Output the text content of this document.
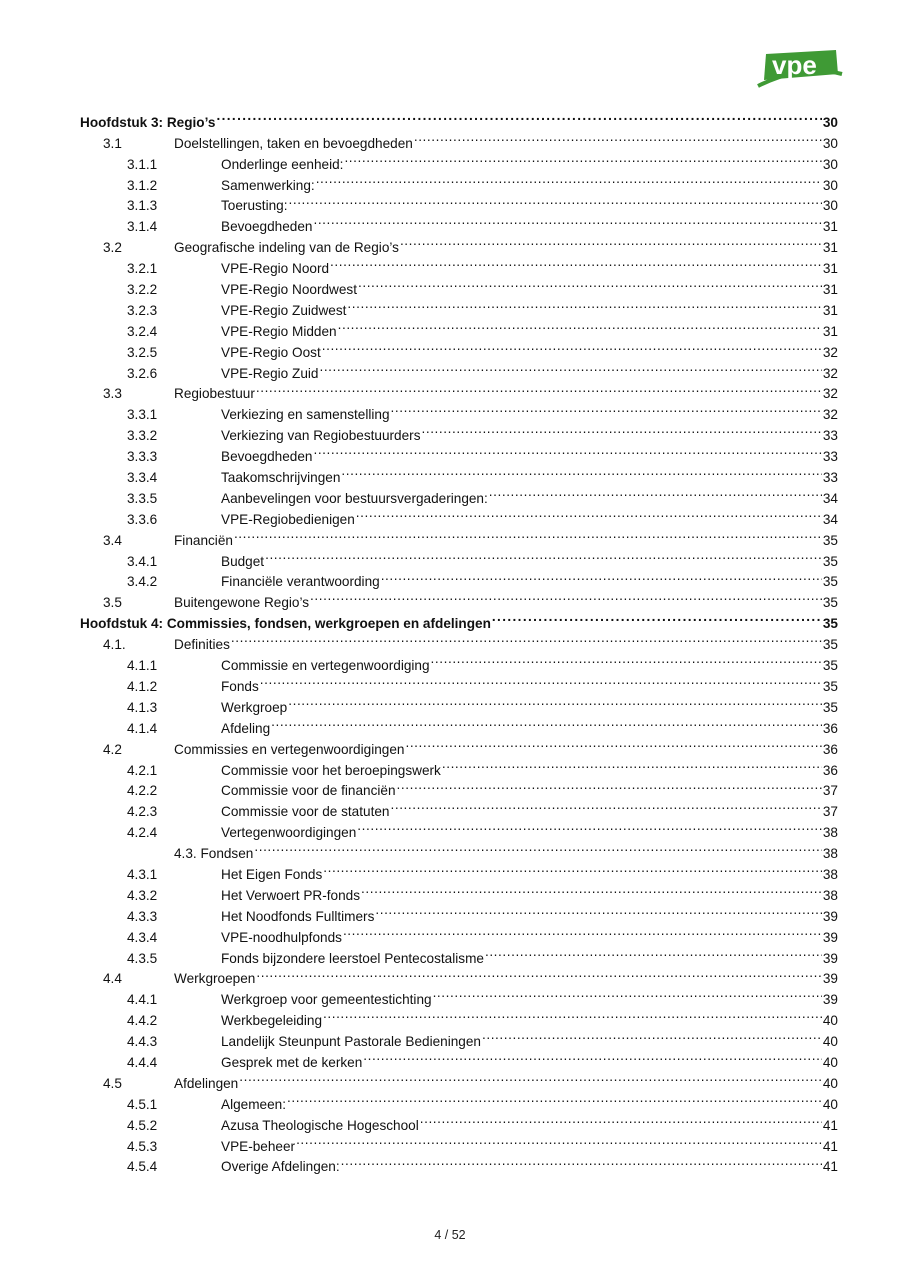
vpe
Hoofdstuk 3: Regio’s . . .	30
3.1	Doelstellingen, taken en bevoegdheden . . .	30
3.1.1	Onderlinge eenheid: . . .	30
3.1.2	Samenwerking: . . .	30
3.1.3	Toerusting: . . .	30
3.1.4	Bevoegdheden . . .	31
3.2	Geografische indeling van de Regio’s . . .	31
3.2.1	VPE-Regio Noord . . .	31
3.2.2	VPE-Regio Noordwest . . .	31
3.2.3	VPE-Regio Zuidwest . . .	31
3.2.4	VPE-Regio Midden . . .	31
3.2.5	VPE-Regio Oost . . .	32
3.2.6	VPE-Regio Zuid . . .	32
3.3	Regiobestuur . . .	32
3.3.1	Verkiezing en samenstelling . . .	32
3.3.2	Verkiezing van Regiobestuurders . . .	33
3.3.3	Bevoegdheden . . .	33
3.3.4	Taakomschrijvingen . . .	33
3.3.5	Aanbevelingen voor bestuursvergaderingen: . . .	34
3.3.6	VPE-Regiobedienigen . . .	34
3.4	Financiën . . .	35
3.4.1	Budget . . .	35
3.4.2	Financiële verantwoording . . .	35
3.5	Buitengewone Regio’s . . .	35
Hoofdstuk 4: Commissies, fondsen, werkgroepen en afdelingen . . .	35
4.1.	Definities . . .	35
4.1.1	Commissie en vertegenwoordiging . . .	35
4.1.2	Fonds . . .	35
4.1.3	Werkgroep . . .	35
4.1.4	Afdeling . . .	36
4.2	Commissies en vertegenwoordigingen . . .	36
4.2.1	Commissie voor het beroepingswerk . . .	36
4.2.2	Commissie voor de financiën . . .	37
4.2.3	Commissie voor de statuten . . .	37
4.2.4	Vertegenwoordigingen . . .	38
4.3. Fondsen . . .	38
4.3.1	Het Eigen Fonds . . .	38
4.3.2	Het Verwoert PR-fonds . . .	38
4.3.3	Het Noodfonds Fulltimers . . .	39
4.3.4	VPE-noodhulpfonds . . .	39
4.3.5	Fonds bijzondere leerstoel Pentecostalisme . . .	39
4.4	Werkgroepen . . .	39
4.4.1	Werkgroep voor gemeentestichting . . .	39
4.4.2	Werkbegeleiding . . .	40
4.4.3	Landelijk Steunpunt Pastorale Bedieningen . . .	40
4.4.4	Gesprek met de kerken . . .	40
4.5	Afdelingen . . .	40
4.5.1	Algemeen: . . .	40
4.5.2	Azusa Theologische Hogeschool . . .	41
4.5.3	VPE-beheer . . .	41
4.5.4	Overige Afdelingen: . . .	41
4 / 52
